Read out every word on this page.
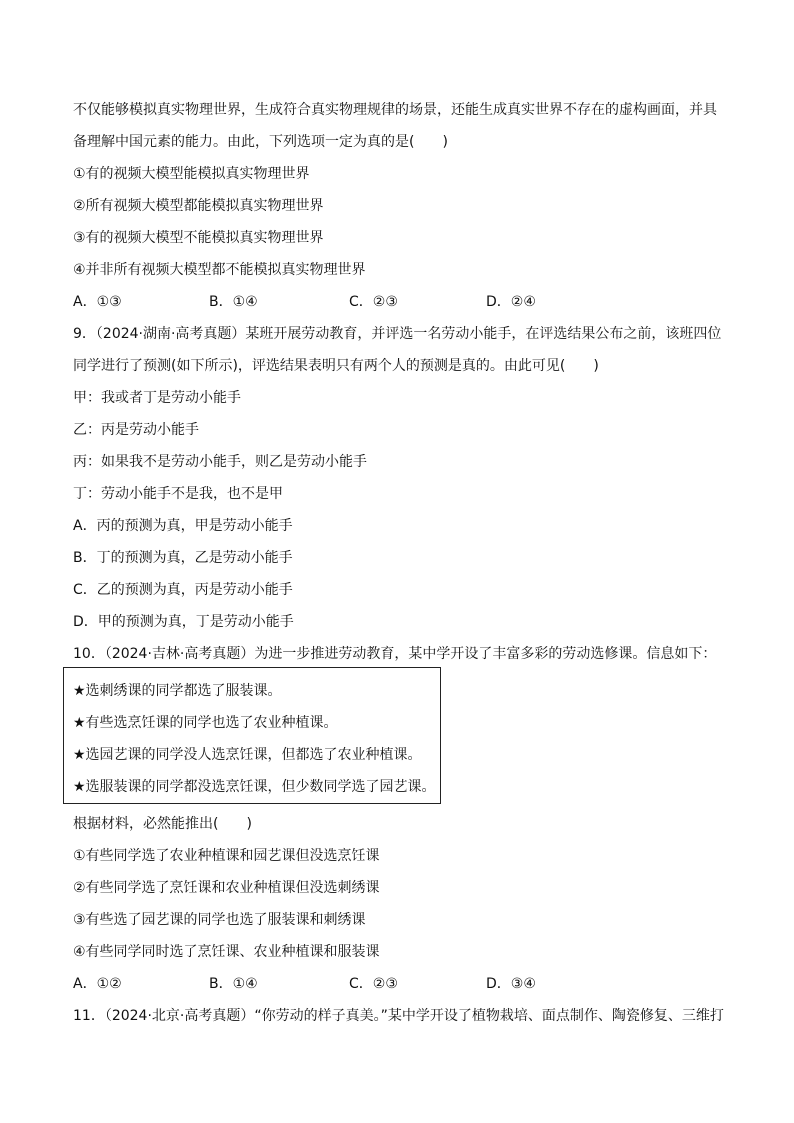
不仅能够模拟真实物理世界，生成符合真实物理规律的场景，还能生成真实世界不存在的虚构画面，并具
备理解中国元素的能力。由此，下列选项一定为真的是(　　)
①有的视频大模型能模拟真实物理世界
②所有视频大模型都能模拟真实物理世界
③有的视频大模型不能模拟真实物理世界
④并非所有视频大模型都不能模拟真实物理世界
A．①③	B．①④	C．②③	D．②④
9．（2024·湖南·高考真题）某班开展劳动教育，并评选一名劳动小能手，在评选结果公布之前，该班四位
同学进行了预测(如下所示)，评选结果表明只有两个人的预测是真的。由此可见(　　)
甲：我或者丁是劳动小能手
乙：丙是劳动小能手
丙：如果我不是劳动小能手，则乙是劳动小能手
丁：劳动小能手不是我，也不是甲
A．丙的预测为真，甲是劳动小能手
B．丁的预测为真，乙是劳动小能手
C．乙的预测为真，丙是劳动小能手
D．甲的预测为真，丁是劳动小能手
10．（2024·吉林·高考真题）为进一步推进劳动教育，某中学开设了丰富多彩的劳动选修课。信息如下：
★选刺绣课的同学都选了服装课。
★有些选烹饪课的同学也选了农业种植课。
★选园艺课的同学没人选烹饪课，但都选了农业种植课。
★选服装课的同学都没选烹饪课，但少数同学选了园艺课。
根据材料，必然能推出(　　)
①有些同学选了农业种植课和园艺课但没选烹饪课
②有些同学选了烹饪课和农业种植课但没选刺绣课
③有些选了园艺课的同学也选了服装课和刺绣课
④有些同学同时选了烹饪课、农业种植课和服装课
A．①②	B．①④	C．②③	D．③④
11．（2024·北京·高考真题）“你劳动的样子真美。”某中学开设了植物栽培、面点制作、陶瓷修复、三维打
